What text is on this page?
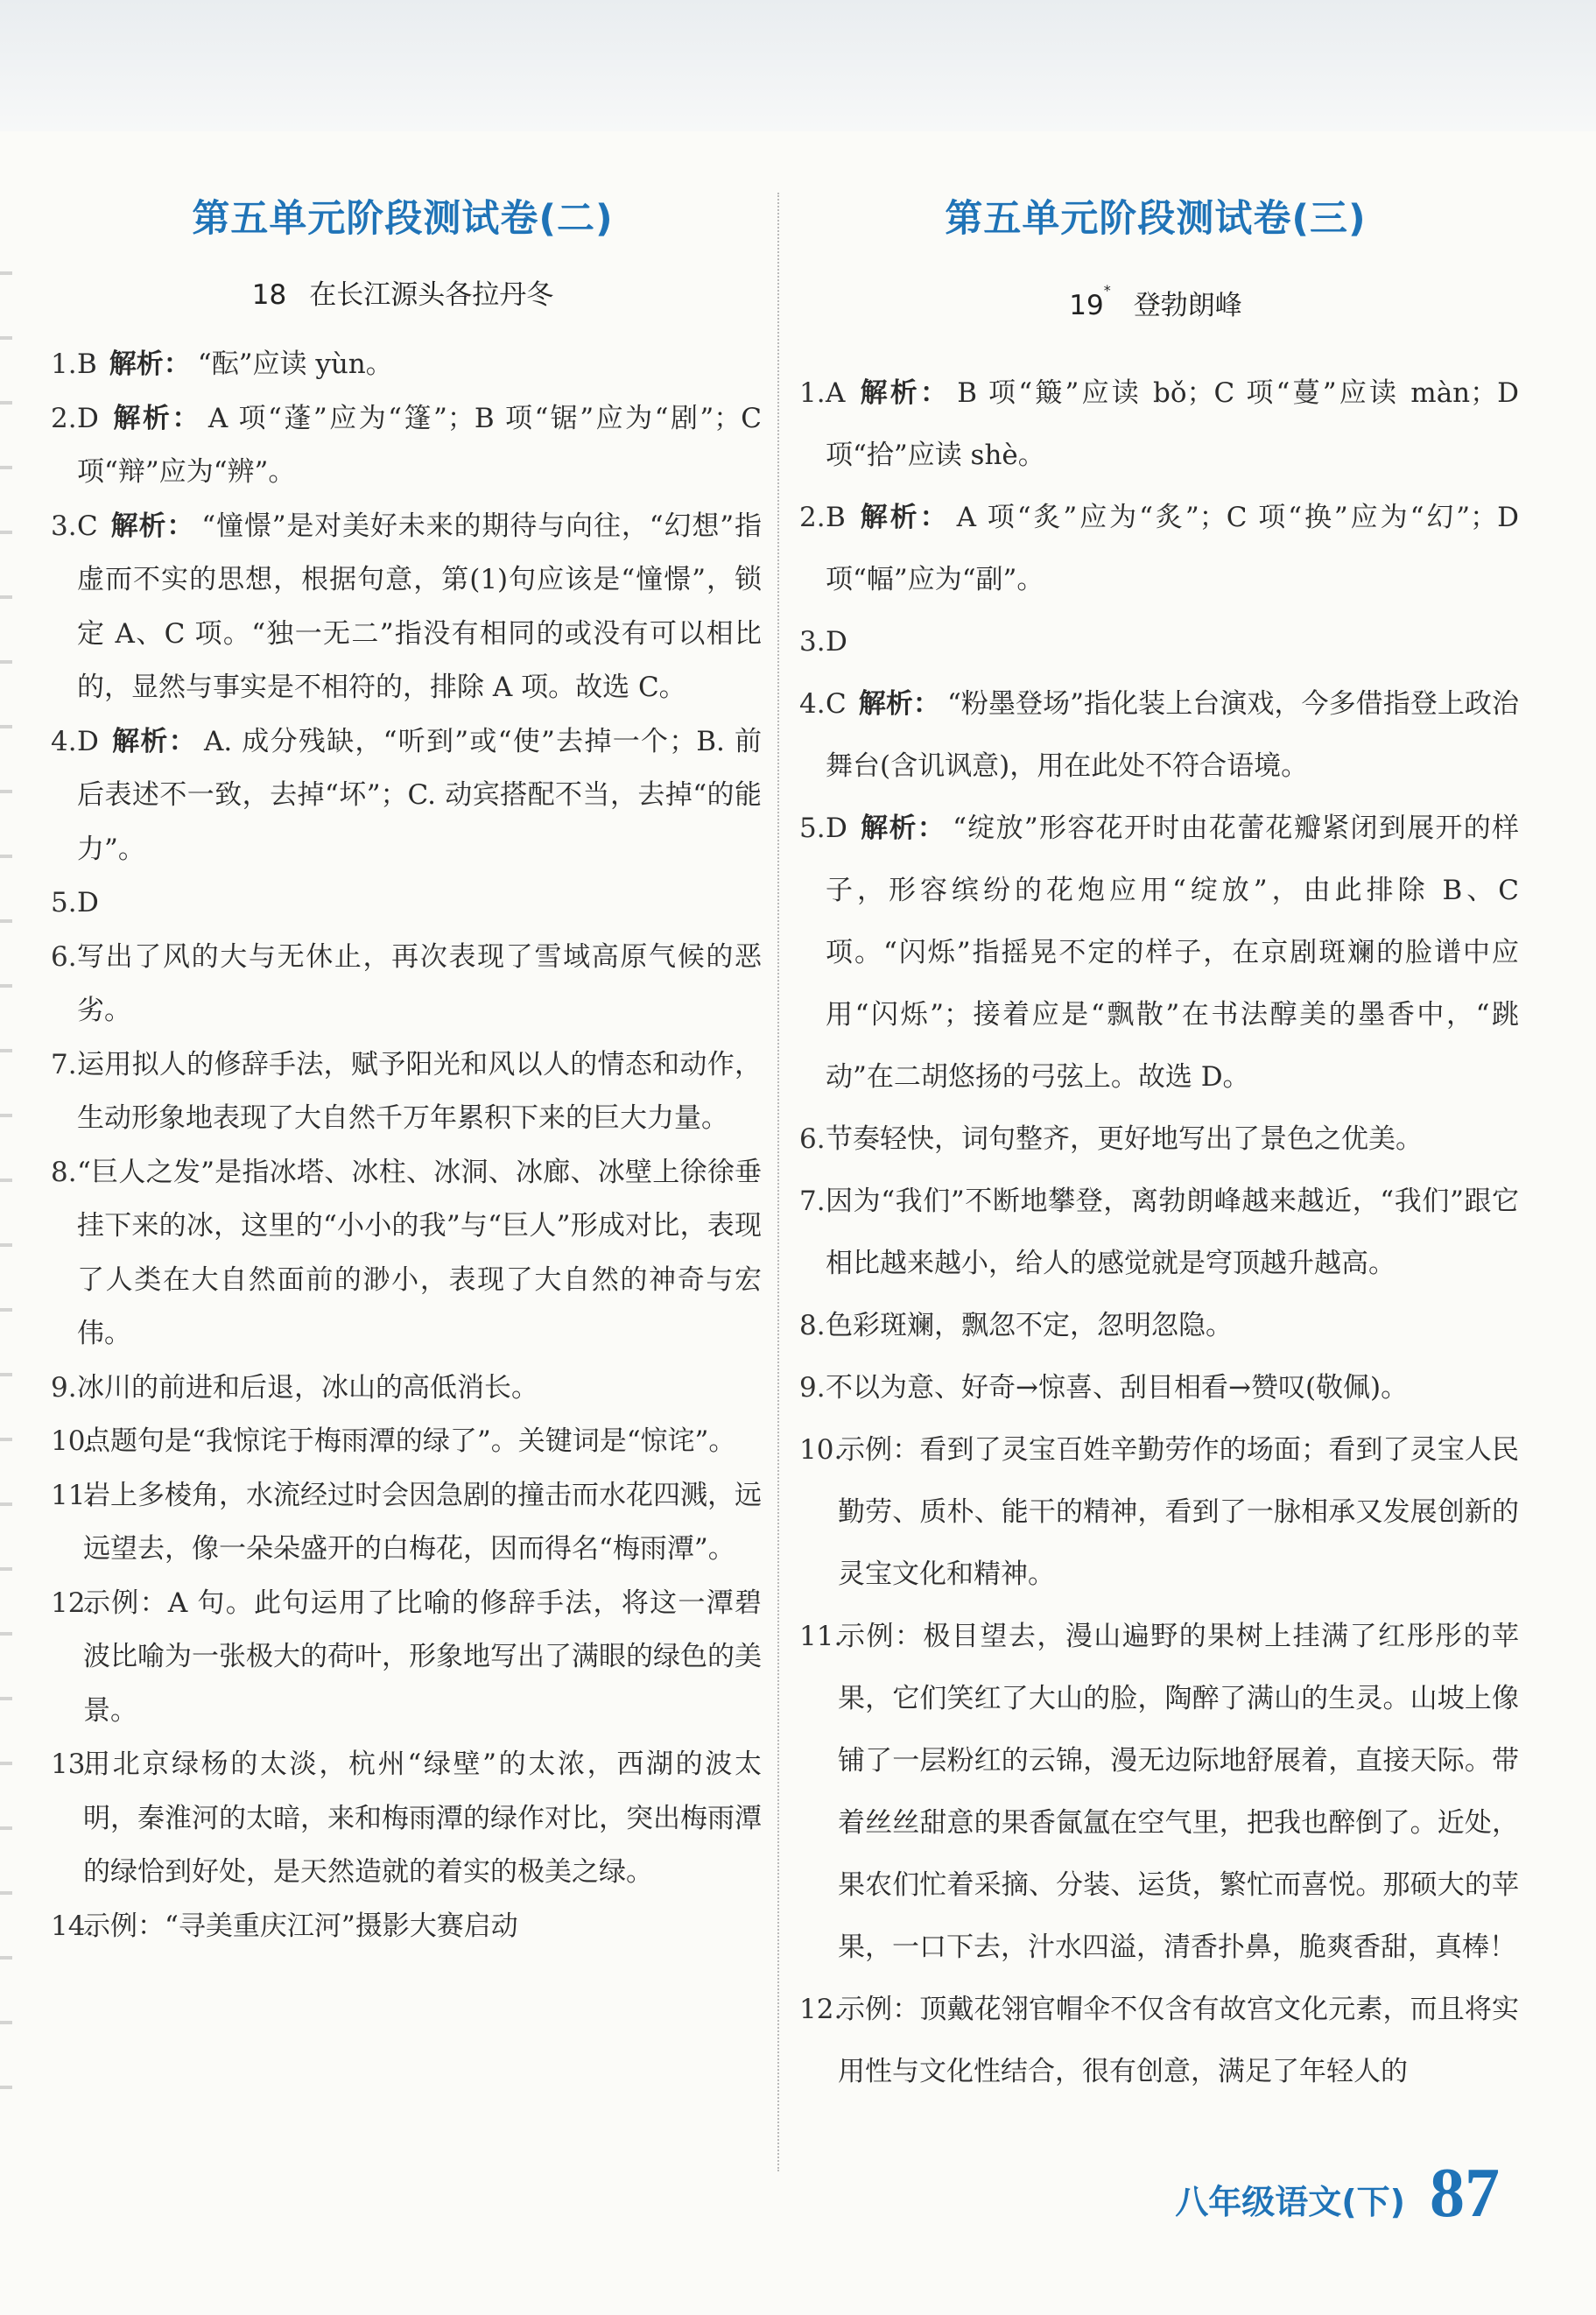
第五单元阶段测试卷(二)
18 在长江源头各拉丹冬
1. B 解析： “酝”应读 yùn。
2. D 解析： A 项“蓬”应为“篷”；B 项“锯”应为“剧”；C 项“辩”应为“辨”。
3. C 解析： “憧憬”是对美好未来的期待与向往，“幻想”指虚而不实的思想，根据句意，第(1)句应该是“憧憬”，锁定 A、C 项。“独一无二”指没有相同的或没有可以相比的，显然与事实是不相符的，排除 A 项。故选 C。
4. D 解析： A. 成分残缺，“听到”或“使”去掉一个；B. 前后表述不一致，去掉“坏”；C. 动宾搭配不当，去掉“的能力”。
5. D
6. 写出了风的大与无休止，再次表现了雪域高原气候的恶劣。
7. 运用拟人的修辞手法，赋予阳光和风以人的情态和动作，生动形象地表现了大自然千万年累积下来的巨大力量。
8. “巨人之发”是指冰塔、冰柱、冰洞、冰廊、冰壁上徐徐垂挂下来的冰，这里的“小小的我”与“巨人”形成对比，表现了人类在大自然面前的渺小，表现了大自然的神奇与宏伟。
9. 冰川的前进和后退，冰山的高低消长。
10.
点题句是“我惊诧于梅雨潭的绿了”。关键词是“惊诧”。
11.
岩上多棱角，水流经过时会因急剧的撞击而水花四溅，远远望去，像一朵朵盛开的白梅花，因而得名“梅雨潭”。
12.
示例：A 句。此句运用了比喻的修辞手法，将这一潭碧波比喻为一张极大的荷叶，形象地写出了满眼的绿色的美景。
13.
用北京绿杨的太淡，杭州“绿壁”的太浓，西湖的波太明，秦淮河的太暗，来和梅雨潭的绿作对比，突出梅雨潭的绿恰到好处，是天然造就的着实的极美之绿。
14.
示例：“寻美重庆江河”摄影大赛启动
第五单元阶段测试卷(三)
19* 登勃朗峰
1. A 解析： B 项“簸”应读 bǒ；C 项“蔓”应读 màn；D 项“拾”应读 shè。
2. B 解析： A 项“炙”应为“炙”；C 项“换”应为“幻”；D 项“幅”应为“副”。
3. D
4. C 解析： “粉墨登场”指化装上台演戏，今多借指登上政治舞台(含讥讽意)，用在此处不符合语境。
5. D 解析： “绽放”形容花开时由花蕾花瓣紧闭到展开的样子，形容缤纷的花炮应用“绽放”，由此排除 B、C 项。“闪烁”指摇晃不定的样子，在京剧斑斓的脸谱中应用“闪烁”；接着应是“飘散”在书法醇美的墨香中，“跳动”在二胡悠扬的弓弦上。故选 D。
6. 节奏轻快，词句整齐，更好地写出了景色之优美。
7. 因为“我们”不断地攀登，离勃朗峰越来越近，“我们”跟它相比越来越小，给人的感觉就是穹顶越升越高。
8. 色彩斑斓，飘忽不定，忽明忽隐。
9. 不以为意、好奇→惊喜、刮目相看→赞叹(敬佩)。
10.
示例：看到了灵宝百姓辛勤劳作的场面；看到了灵宝人民勤劳、质朴、能干的精神，看到了一脉相承又发展创新的灵宝文化和精神。
11.
示例：极目望去，漫山遍野的果树上挂满了红彤彤的苹果，它们笑红了大山的脸，陶醉了满山的生灵。山坡上像铺了一层粉红的云锦，漫无边际地舒展着，直接天际。带着丝丝甜意的果香氤氲在空气里，把我也醉倒了。近处，果农们忙着采摘、分装、运货，繁忙而喜悦。那硕大的苹果，一口下去，汁水四溢，清香扑鼻，脆爽香甜，真棒！
12.
示例：顶戴花翎官帽伞不仅含有故宫文化元素，而且将实用性与文化性结合，很有创意，满足了年轻人的
八年级语文(下) 87
